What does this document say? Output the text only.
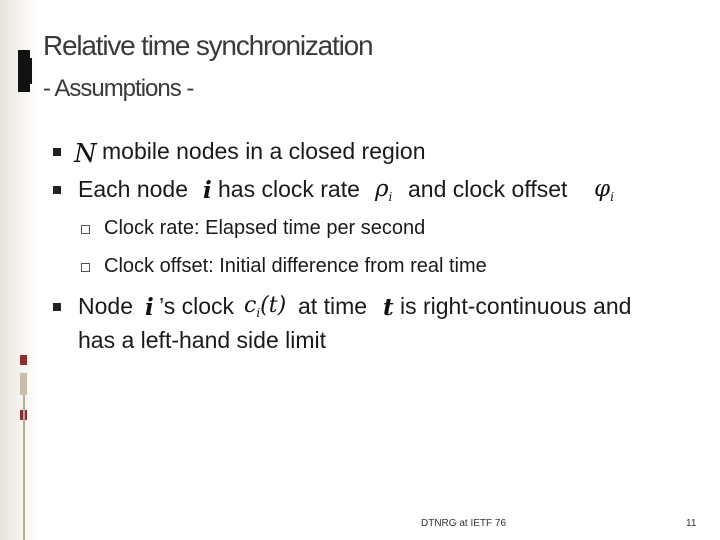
Relative time synchronization
- Assumptions -
N mobile nodes in a closed region
Each node i has clock rate $\rho_i$ and clock offset $\varphi_i$
Clock rate: Elapsed time per second
Clock offset: Initial difference from real time
Node i ’s clock $c_i(t)$ at time t is right-continuous and
has a left-hand side limit
DTNRG at IETF 76	11
